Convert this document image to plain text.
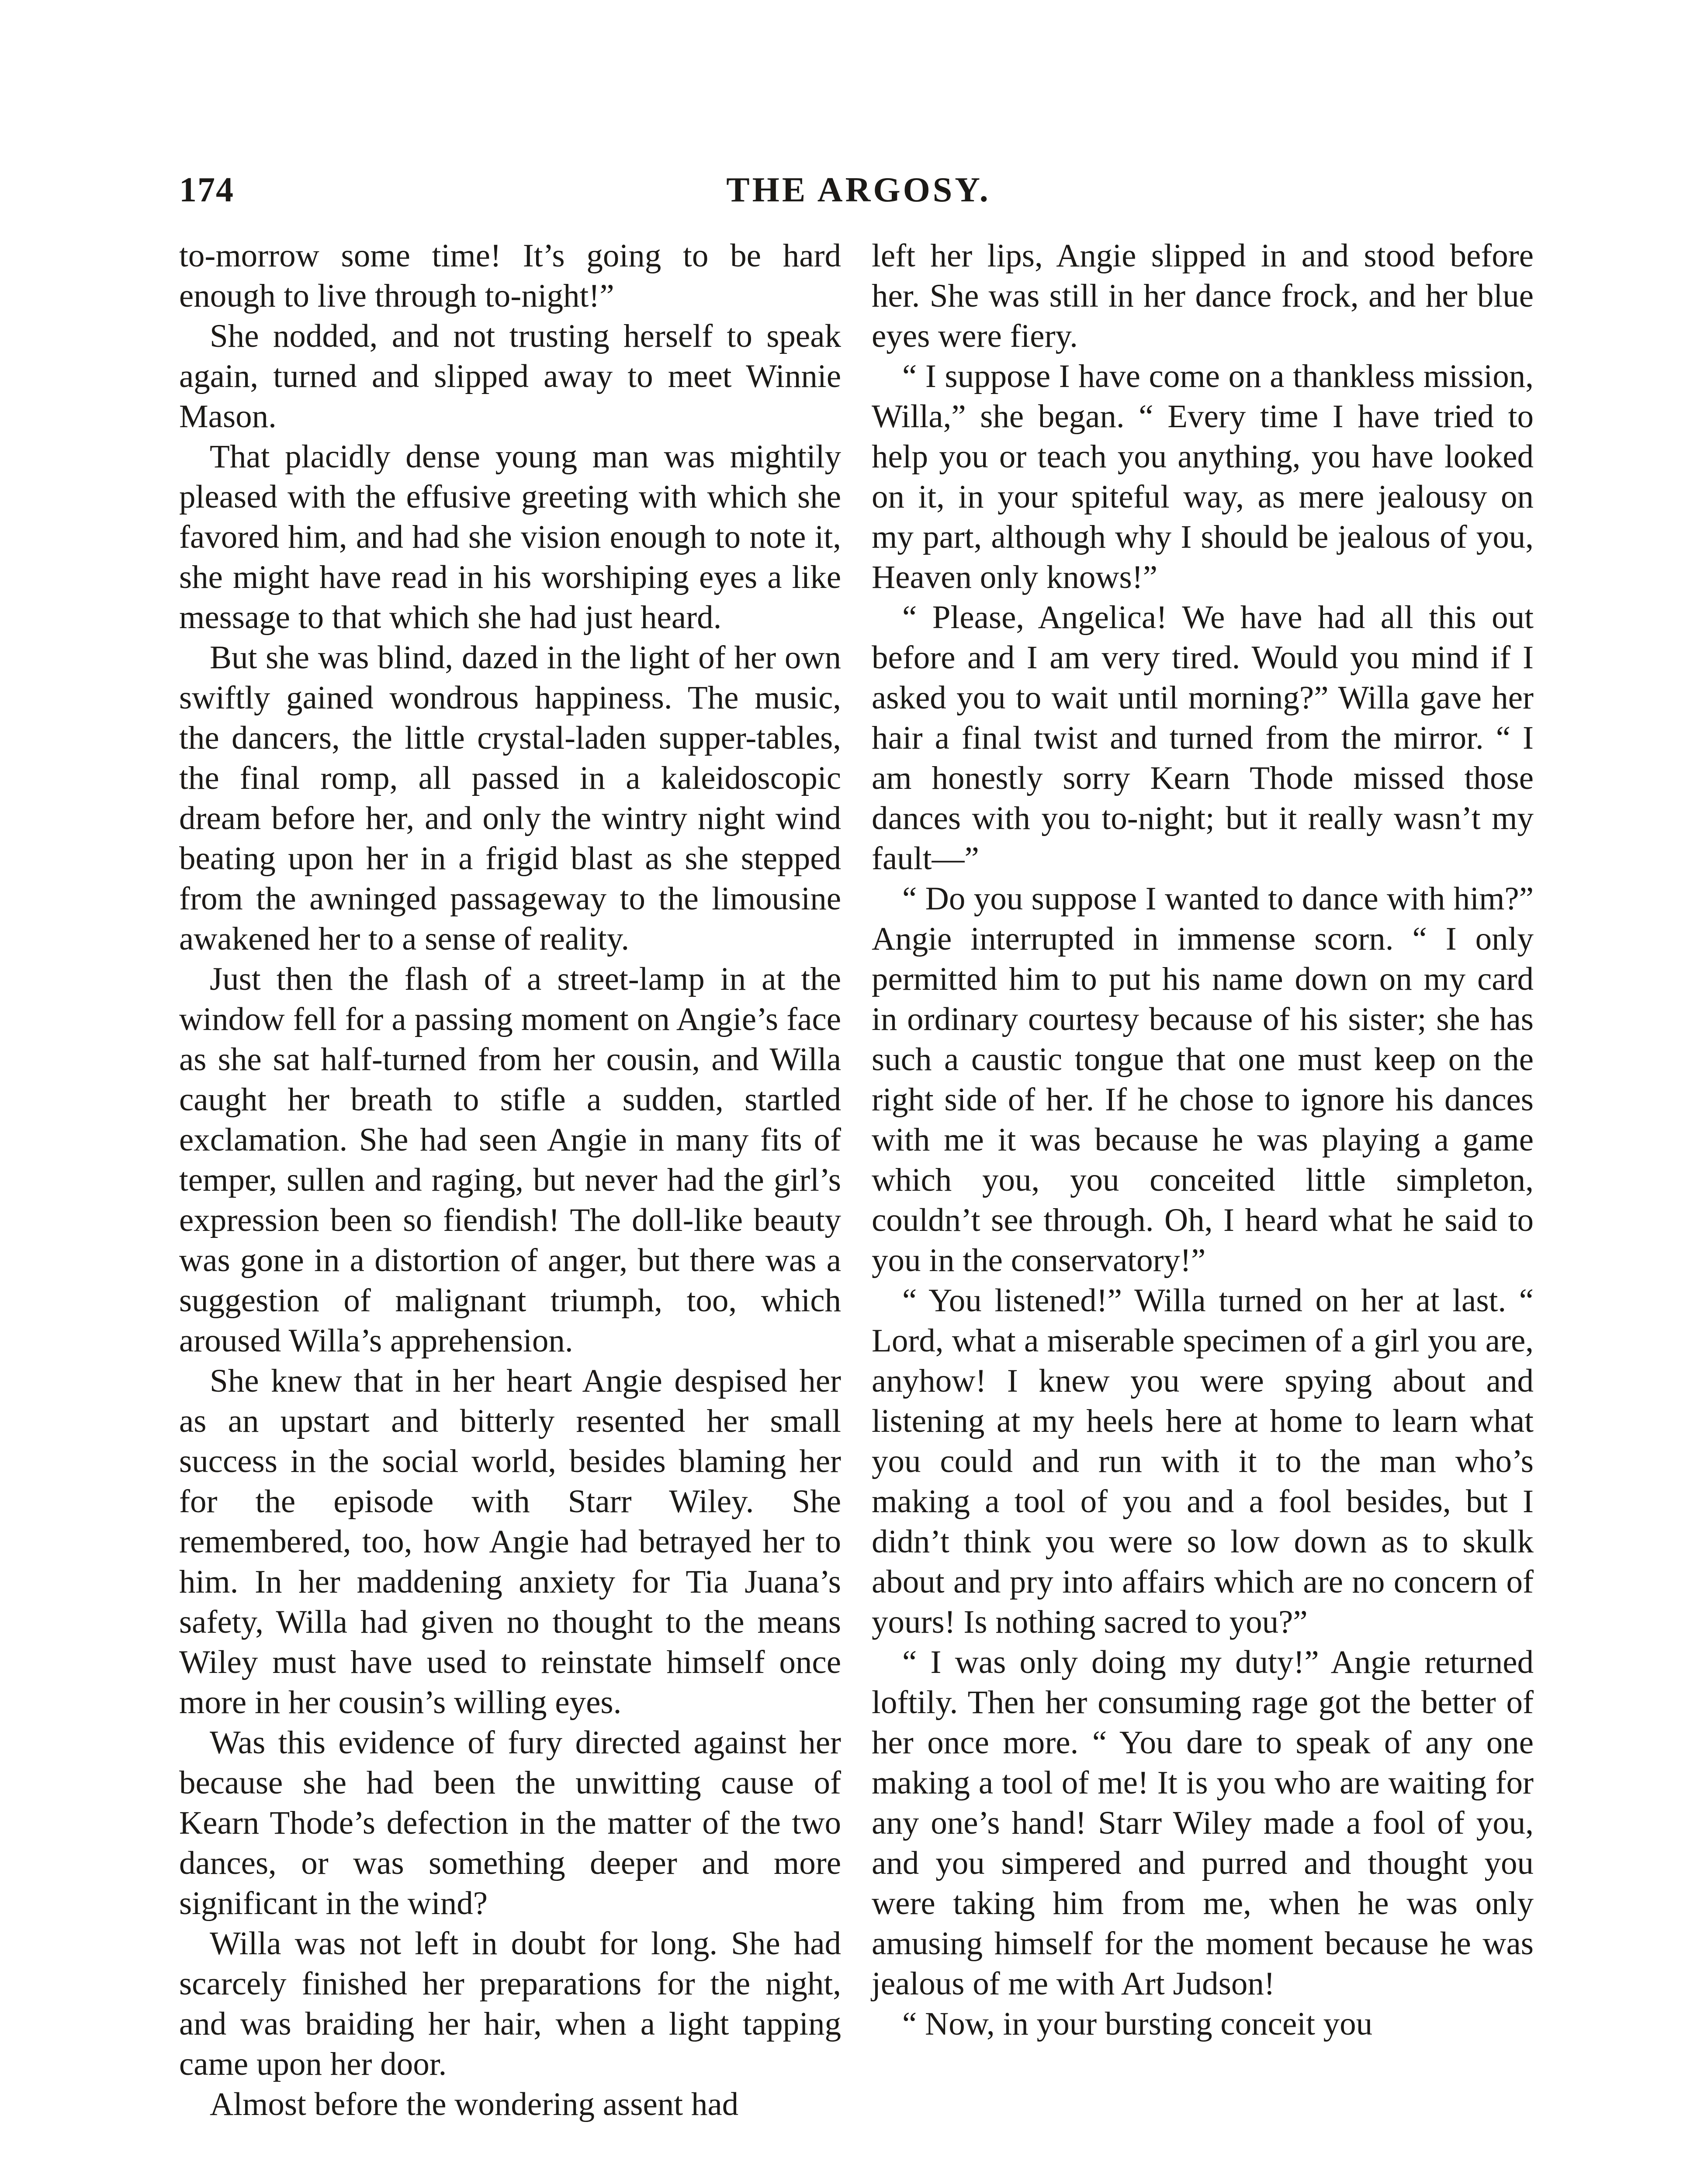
174	THE ARGOSY.

to-morrow some time! It’s going to be hard enough to live through to-night!”

She nodded, and not trusting herself to speak again, turned and slipped away to meet Winnie Mason.

That placidly dense young man was mightily pleased with the effusive greeting with which she favored him, and had she vision enough to note it, she might have read in his worshiping eyes a like message to that which she had just heard.

But she was blind, dazed in the light of her own swiftly gained wondrous happiness. The music, the dancers, the little crystal-laden supper-tables, the final romp, all passed in a kaleidoscopic dream before her, and only the wintry night wind beating upon her in a frigid blast as she stepped from the awninged passageway to the limousine awakened her to a sense of reality.

Just then the flash of a street-lamp in at the window fell for a passing moment on Angie’s face as she sat half-turned from her cousin, and Willa caught her breath to stifle a sudden, startled exclamation. She had seen Angie in many fits of temper, sullen and raging, but never had the girl’s expression been so fiendish! The doll-like beauty was gone in a distortion of anger, but there was a suggestion of malignant triumph, too, which aroused Willa’s apprehension.

She knew that in her heart Angie despised her as an upstart and bitterly resented her small success in the social world, besides blaming her for the episode with Starr Wiley. She remembered, too, how Angie had betrayed her to him. In her maddening anxiety for Tia Juana’s safety, Willa had given no thought to the means Wiley must have used to reinstate himself once more in her cousin’s willing eyes.

Was this evidence of fury directed against her because she had been the unwitting cause of Kearn Thode’s defection in the matter of the two dances, or was something deeper and more significant in the wind?

Willa was not left in doubt for long. She had scarcely finished her preparations for the night, and was braiding her hair, when a light tapping came upon her door.

Almost before the wondering assent had

left her lips, Angie slipped in and stood before her. She was still in her dance frock, and her blue eyes were fiery.

“ I suppose I have come on a thankless mission, Willa,” she began. “ Every time I have tried to help you or teach you anything, you have looked on it, in your spiteful way, as mere jealousy on my part, although why I should be jealous of you, Heaven only knows!”

“ Please, Angelica! We have had all this out before and I am very tired. Would you mind if I asked you to wait until morning?” Willa gave her hair a final twist and turned from the mirror. “ I am honestly sorry Kearn Thode missed those dances with you to-night; but it really wasn’t my fault—”

“ Do you suppose I wanted to dance with him?” Angie interrupted in immense scorn. “ I only permitted him to put his name down on my card in ordinary courtesy because of his sister; she has such a caustic tongue that one must keep on the right side of her. If he chose to ignore his dances with me it was because he was playing a game which you, you conceited little simpleton, couldn’t see through. Oh, I heard what he said to you in the conservatory!”

“ You listened!” Willa turned on her at last. “ Lord, what a miserable specimen of a girl you are, anyhow! I knew you were spying about and listening at my heels here at home to learn what you could and run with it to the man who’s making a tool of you and a fool besides, but I didn’t think you were so low down as to skulk about and pry into affairs which are no concern of yours! Is nothing sacred to you?”

“ I was only doing my duty!” Angie returned loftily. Then her consuming rage got the better of her once more. “ You dare to speak of any one making a tool of me! It is you who are waiting for any one’s hand! Starr Wiley made a fool of you, and you simpered and purred and thought you were taking him from me, when he was only amusing himself for the moment because he was jealous of me with Art Judson!

“ Now, in your bursting conceit you
